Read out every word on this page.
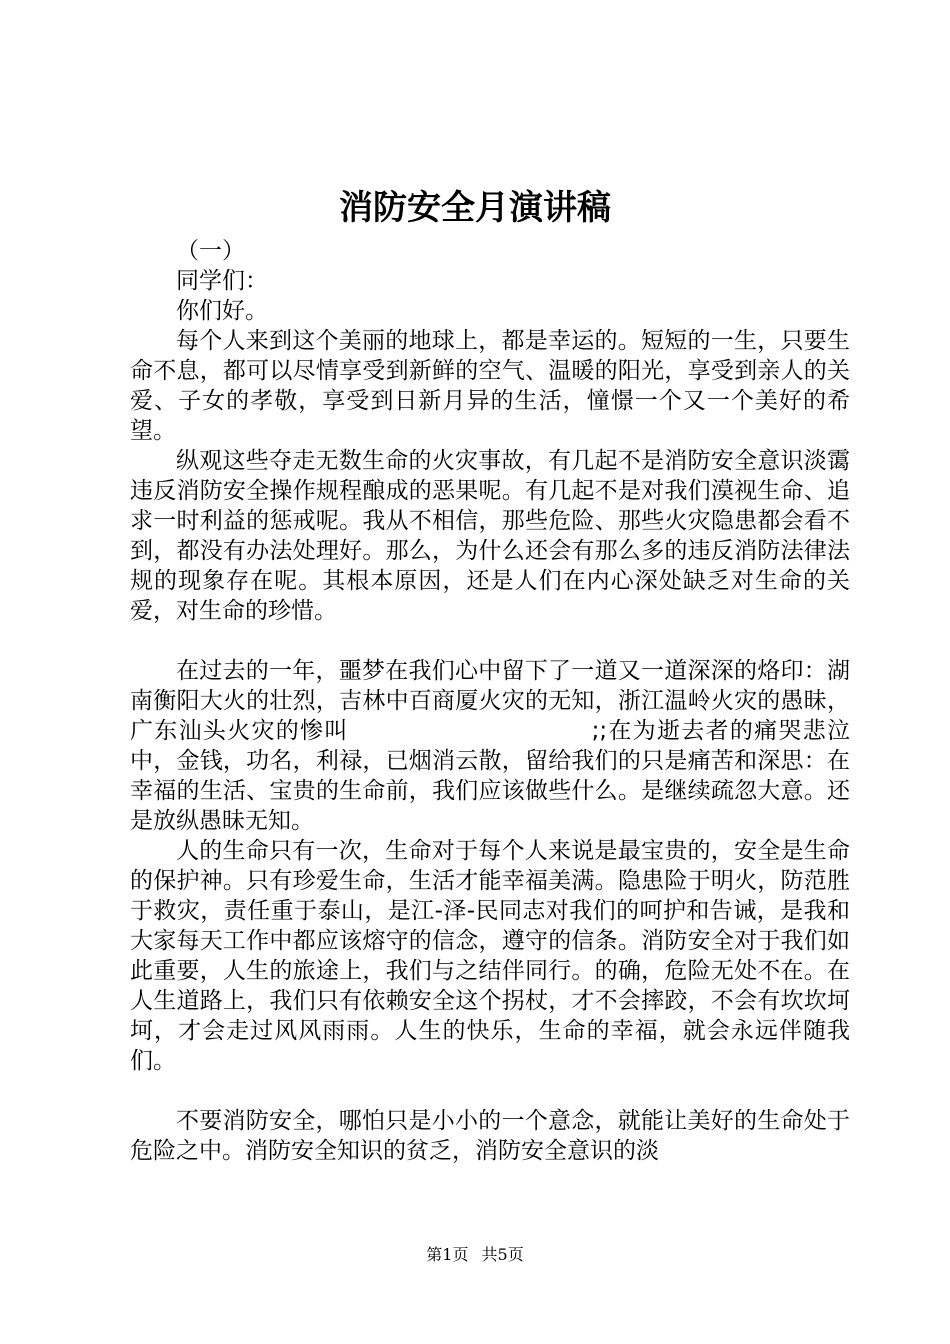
消防安全月演讲稿

（一）

同学们：

你们好。

每个人来到这个美丽的地球上，都是幸运的。短短的一生，只要生命不息，都可以尽情享受到新鲜的空气、温暖的阳光，享受到亲人的关爱、子女的孝敬，享受到日新月异的生活，憧憬一个又一个美好的希望。

纵观这些夺走无数生命的火灾事故，有几起不是消防安全意识淡霭违反消防安全操作规程酿成的恶果呢。有几起不是对我们漠视生命、追求一时利益的惩戒呢。我从不相信，那些危险、那些火灾隐患都会看不到，都没有办法处理好。那么，为什么还会有那么多的违反消防法律法规的现象存在呢。其根本原因，还是人们在内心深处缺乏对生命的关爱，对生命的珍惜。

在过去的一年，噩梦在我们心中留下了一道又一道深深的烙印：湖南衡阳大火的壮烈，吉林中百商厦火灾的无知，浙江温岭火灾的愚昧，广东汕头火灾的惨叫　　　　　　　　　　;;在为逝去者的痛哭悲泣中，金钱，功名，利禄，已烟消云散，留给我们的只是痛苦和深思：在幸福的生活、宝贵的生命前，我们应该做些什么。是继续疏忽大意。还是放纵愚昧无知。

人的生命只有一次，生命对于每个人来说是最宝贵的，安全是生命的保护神。只有珍爱生命，生活才能幸福美满。隐患险于明火，防范胜于救灾，责任重于泰山，是江-泽-民同志对我们的呵护和告诫，是我和大家每天工作中都应该熔守的信念，遵守的信条。消防安全对于我们如此重要，人生的旅途上，我们与之结伴同行。的确，危险无处不在。在人生道路上，我们只有依赖安全这个拐杖，才不会摔跤，不会有坎坎坷坷，才会走过风风雨雨。人生的快乐，生命的幸福，就会永远伴随我们。

不要消防安全，哪怕只是小小的一个意念，就能让美好的生命处于危险之中。消防安全知识的贫乏，消防安全意识的淡

第1页 共5页
